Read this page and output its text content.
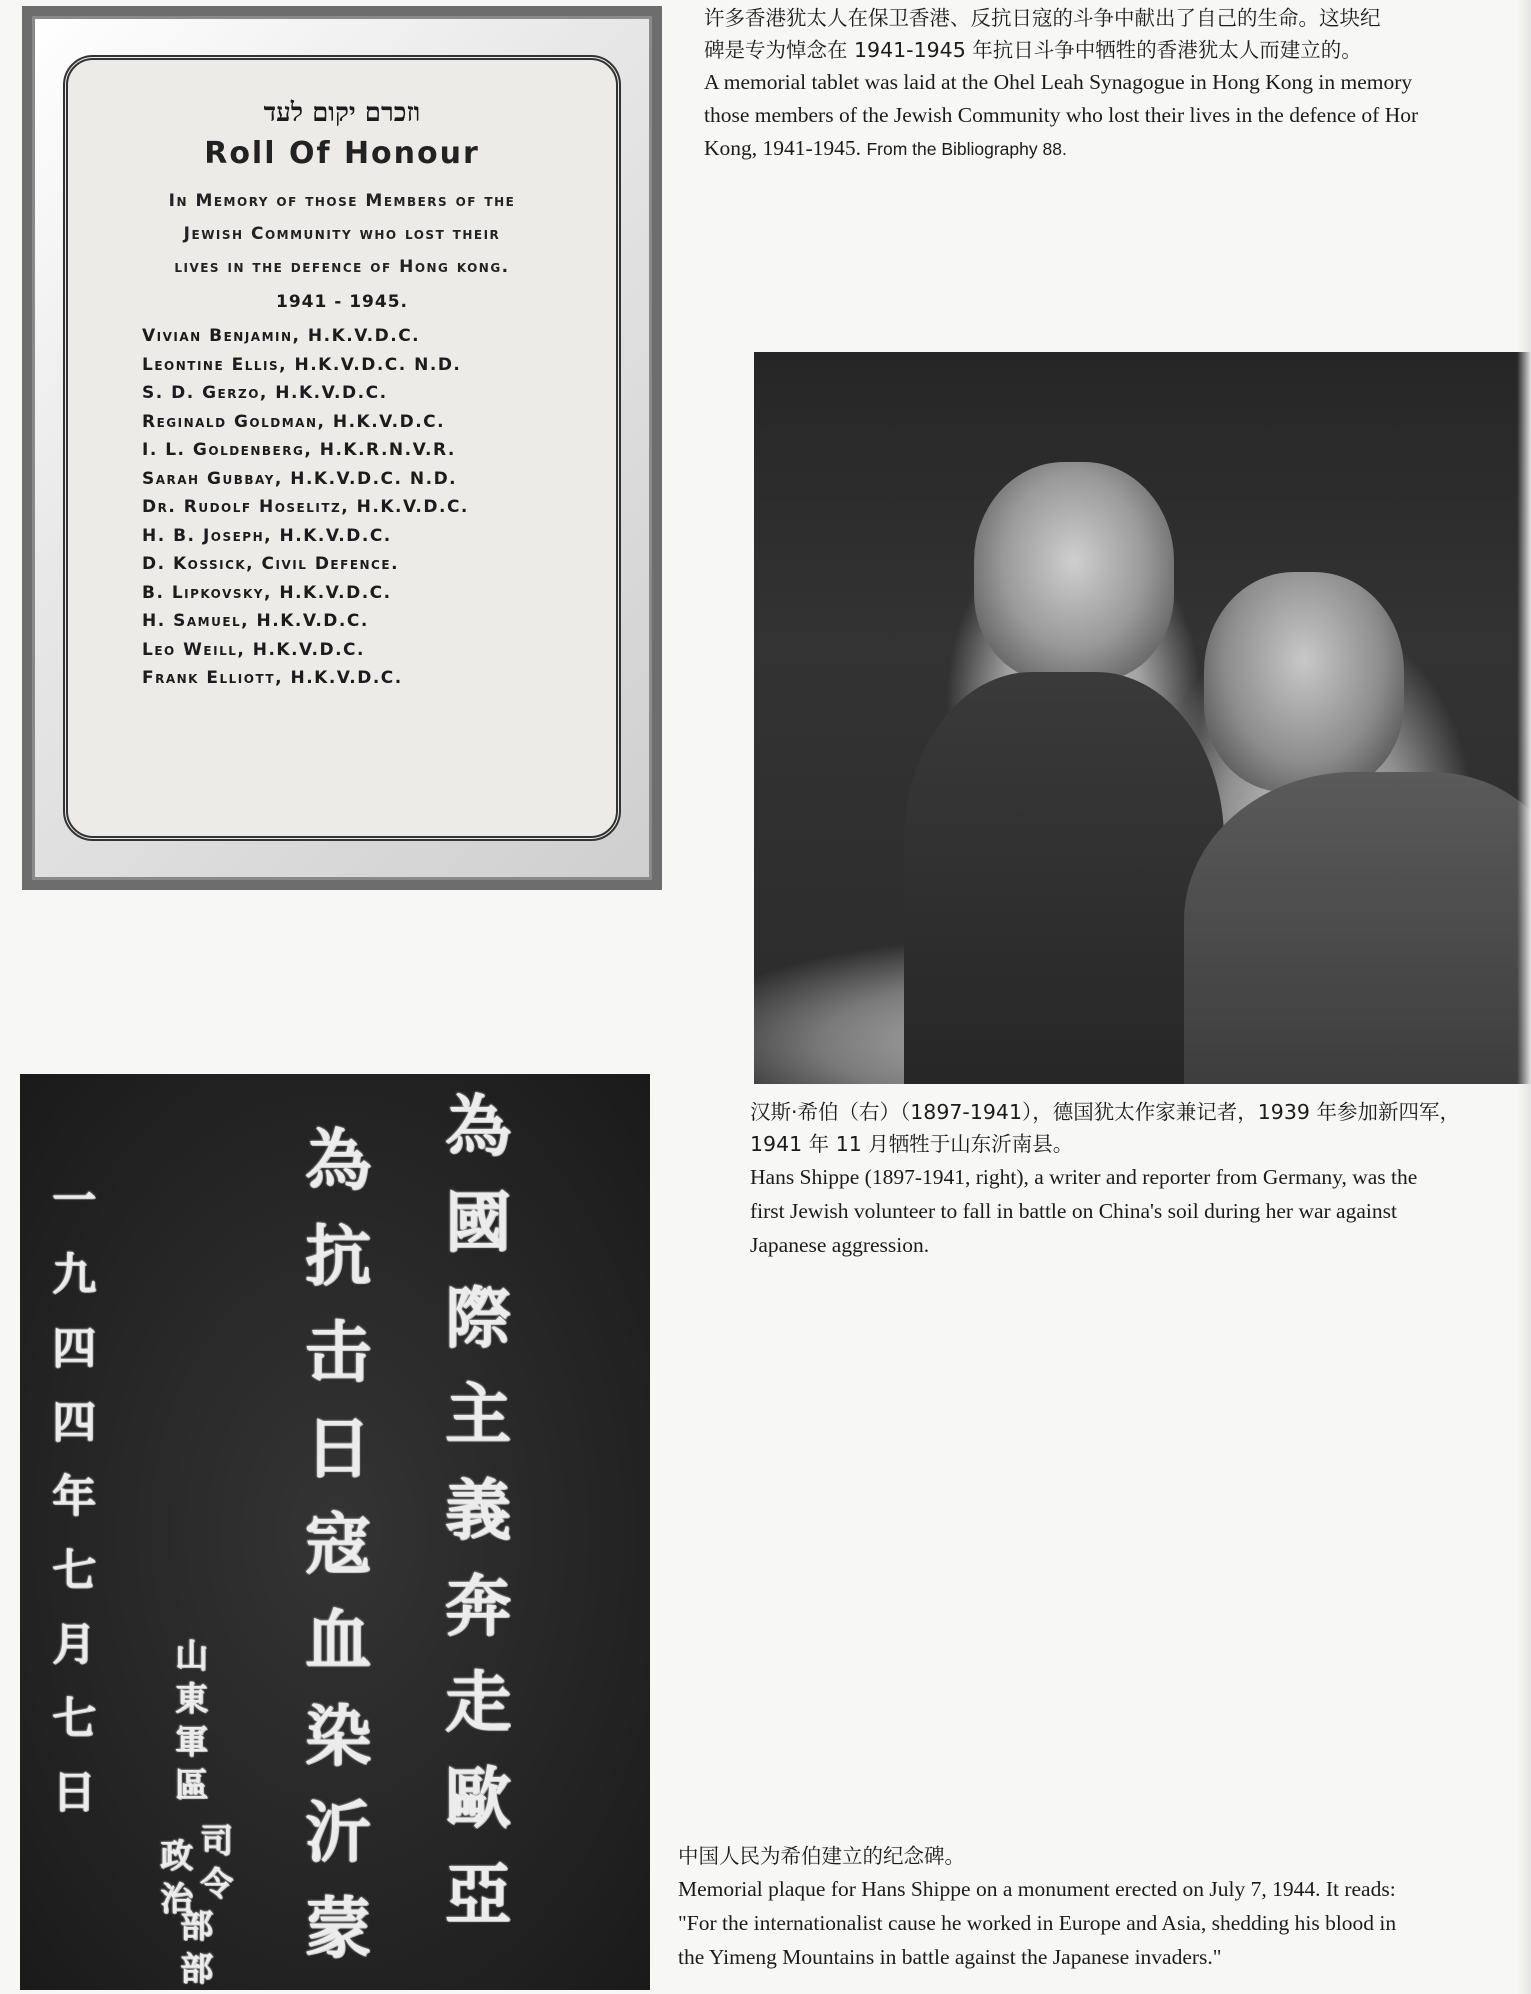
וזכרם יקום לעד

Roll Of Honour

In Memory of those Members of the

Jewish Community who lost their

lives in the defence of Hong kong.

1941 - 1945.

Vivian Benjamin, H.K.V.D.C.
Leontine Ellis, H.K.V.D.C. N.D.
S. D. Gerzo, H.K.V.D.C.
Reginald Goldman, H.K.V.D.C.
I. L. Goldenberg, H.K.R.N.V.R.
Sarah Gubbay, H.K.V.D.C. N.D.
Dr. Rudolf Hoselitz, H.K.V.D.C.
H. B. Joseph, H.K.V.D.C.
D. Kossick, Civil Defence.
B. Lipkovsky, H.K.V.D.C.
H. Samuel, H.K.V.D.C.
Leo Weill, H.K.V.D.C.
Frank Elliott, H.K.V.D.C.
许多香港犹太人在保卫香港、反抗日寇的斗争中献出了自己的生命。这块纪
碑是专为悼念在 1941-1945 年抗日斗争中牺牲的香港犹太人而建立的。
A memorial tablet was laid at the Ohel Leah Synagogue in Hong Kong in memory
those members of the Jewish Community who lost their lives in the defence of Hor
Kong, 1941-1945. From the Bibliography 88.
汉斯·希伯（右）（1897-1941），德国犹太作家兼记者，1939 年参加新四军，
1941 年 11 月牺牲于山东沂南县。
Hans Shippe (1897-1941, right), a writer and reporter from Germany, was the
first Jewish volunteer to fall in battle on China's soil during her war against
Japanese aggression.
為
國
際
主
義
奔
走
歐
亞
為
抗
击
日
寇
血
染
沂
蒙
山
東
軍
區
司
令
政
治
部
部
一
九
四
四
年
七
月
七
日
中国人民为希伯建立的纪念碑。
Memorial plaque for Hans Shippe on a monument erected on July 7, 1944. It reads:
"For the internationalist cause he worked in Europe and Asia, shedding his blood in
the Yimeng Mountains in battle against the Japanese invaders."
